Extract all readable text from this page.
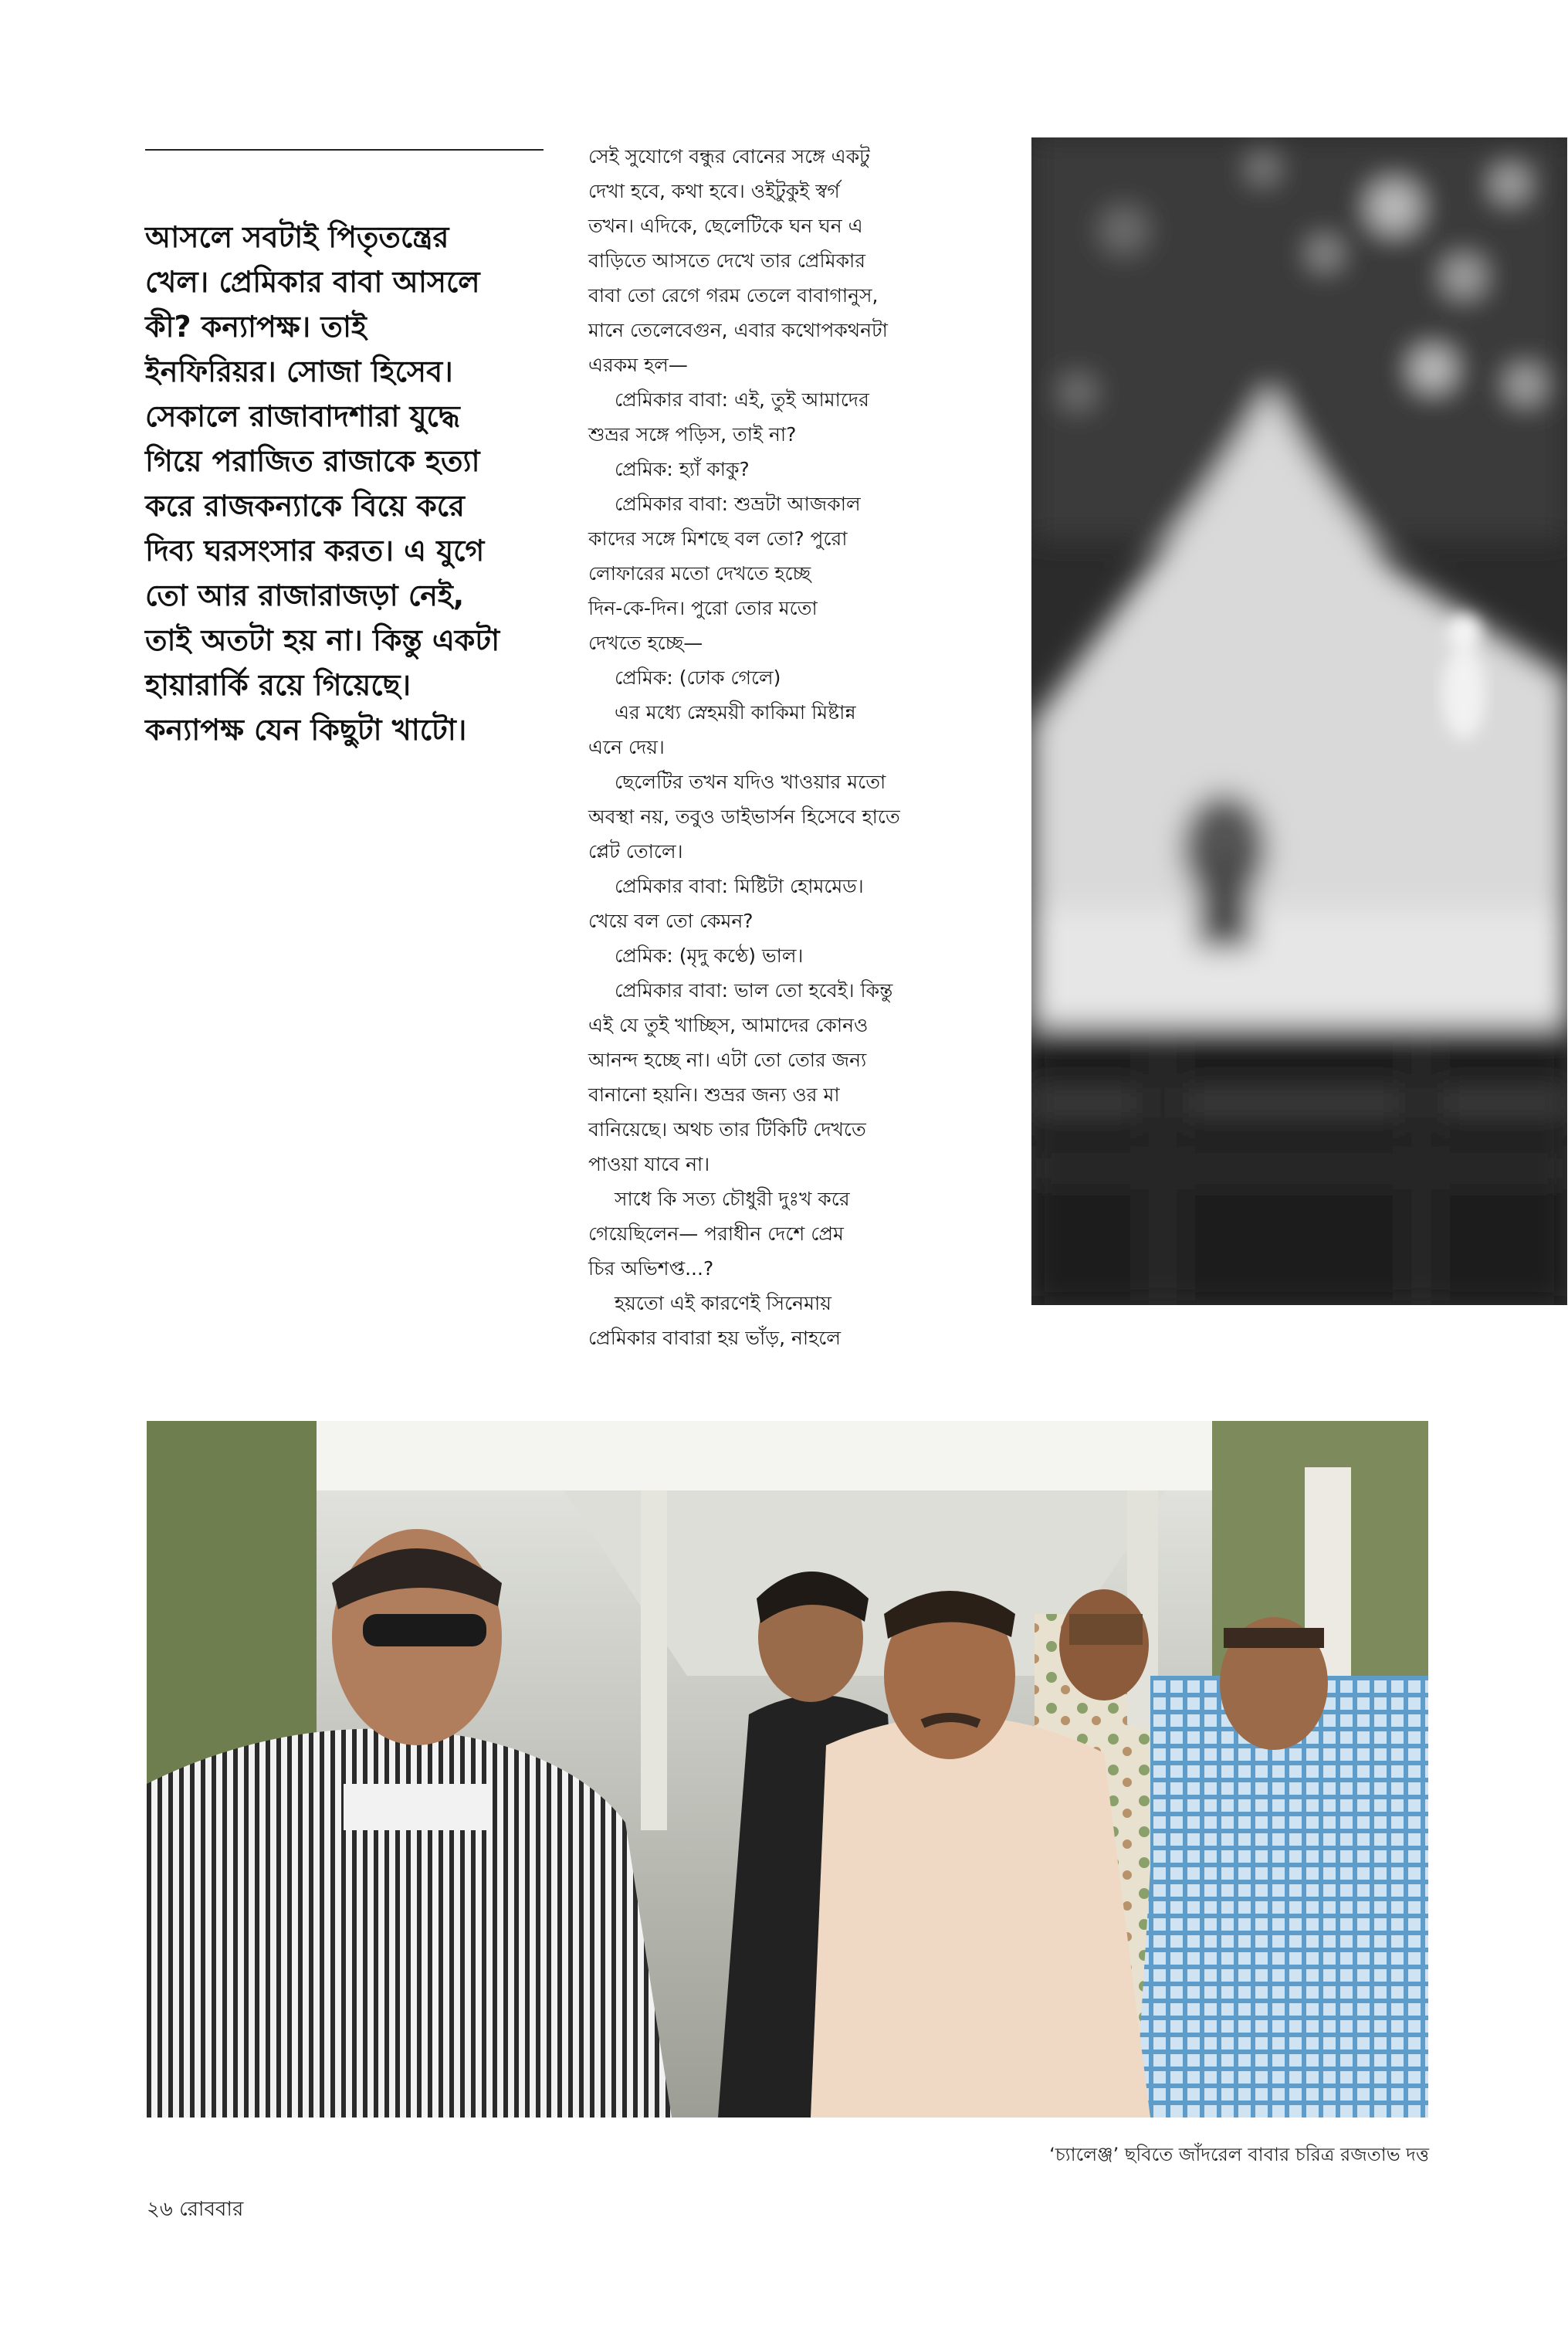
আসলে সবটাই পিতৃতন্ত্রের
খেল। প্রেমিকার বাবা আসলে
কী? কন্যাপক্ষ। তাই
ইনফিরিয়র। সোজা হিসেব।
সেকালে রাজাবাদশারা যুদ্ধে
গিয়ে পরাজিত রাজাকে হত্যা
করে রাজকন্যাকে বিয়ে করে
দিব্য ঘরসংসার করত। এ যুগে
তো আর রাজারাজড়া নেই,
তাই অতটা হয় না। কিন্তু একটা
হায়ারার্কি রয়ে গিয়েছে।
কন্যাপক্ষ যেন কিছুটা খাটো।
সেই সুযোগে বন্ধুর বোনের সঙ্গে একটু
দেখা হবে, কথা হবে। ওইটুকুই স্বর্গ
তখন। এদিকে, ছেলেটিকে ঘন ঘন এ
বাড়িতে আসতে দেখে তার প্রেমিকার
বাবা তো রেগে গরম তেলে বাবাগানুস,
মানে তেলেবেগুন, এবার কথোপকথনটা
এরকম হল—
প্রেমিকার বাবা: এই, তুই আমাদের
শুভ্রর সঙ্গে পড়িস, তাই না?
প্রেমিক: হ্যাঁ কাকু?
প্রেমিকার বাবা: শুভ্রটা আজকাল
কাদের সঙ্গে মিশছে বল তো? পুরো
লোফারের মতো দেখতে হচ্ছে
দিন-কে-দিন। পুরো তোর মতো
দেখতে হচ্ছে—
প্রেমিক: (ঢোক গেলে)
এর মধ্যে স্নেহময়ী কাকিমা মিষ্টান্ন
এনে দেয়।
ছেলেটির তখন যদিও খাওয়ার মতো
অবস্থা নয়, তবুও ডাইভার্সন হিসেবে হাতে
প্লেট তোলে।
প্রেমিকার বাবা: মিষ্টিটা হোমমেড।
খেয়ে বল তো কেমন?
প্রেমিক: (মৃদু কণ্ঠে) ভাল।
প্রেমিকার বাবা: ভাল তো হবেই। কিন্তু
এই যে তুই খাচ্ছিস, আমাদের কোনও
আনন্দ হচ্ছে না। এটা তো তোর জন্য
বানানো হয়নি। শুভ্রর জন্য ওর মা
বানিয়েছে। অথচ তার টিকিটি দেখতে
পাওয়া যাবে না।
সাধে কি সত্য চৌধুরী দুঃখ করে
গেয়েছিলেন— পরাধীন দেশে প্রেম
চির অভিশপ্ত...?
হয়তো এই কারণেই সিনেমায়
প্রেমিকার বাবারা হয় ভাঁড়, নাহলে
‘চ্যালেঞ্জ’ ছবিতে জাঁদরেল বাবার চরিত্র রজতাভ দত্ত
২৬ রোববার
